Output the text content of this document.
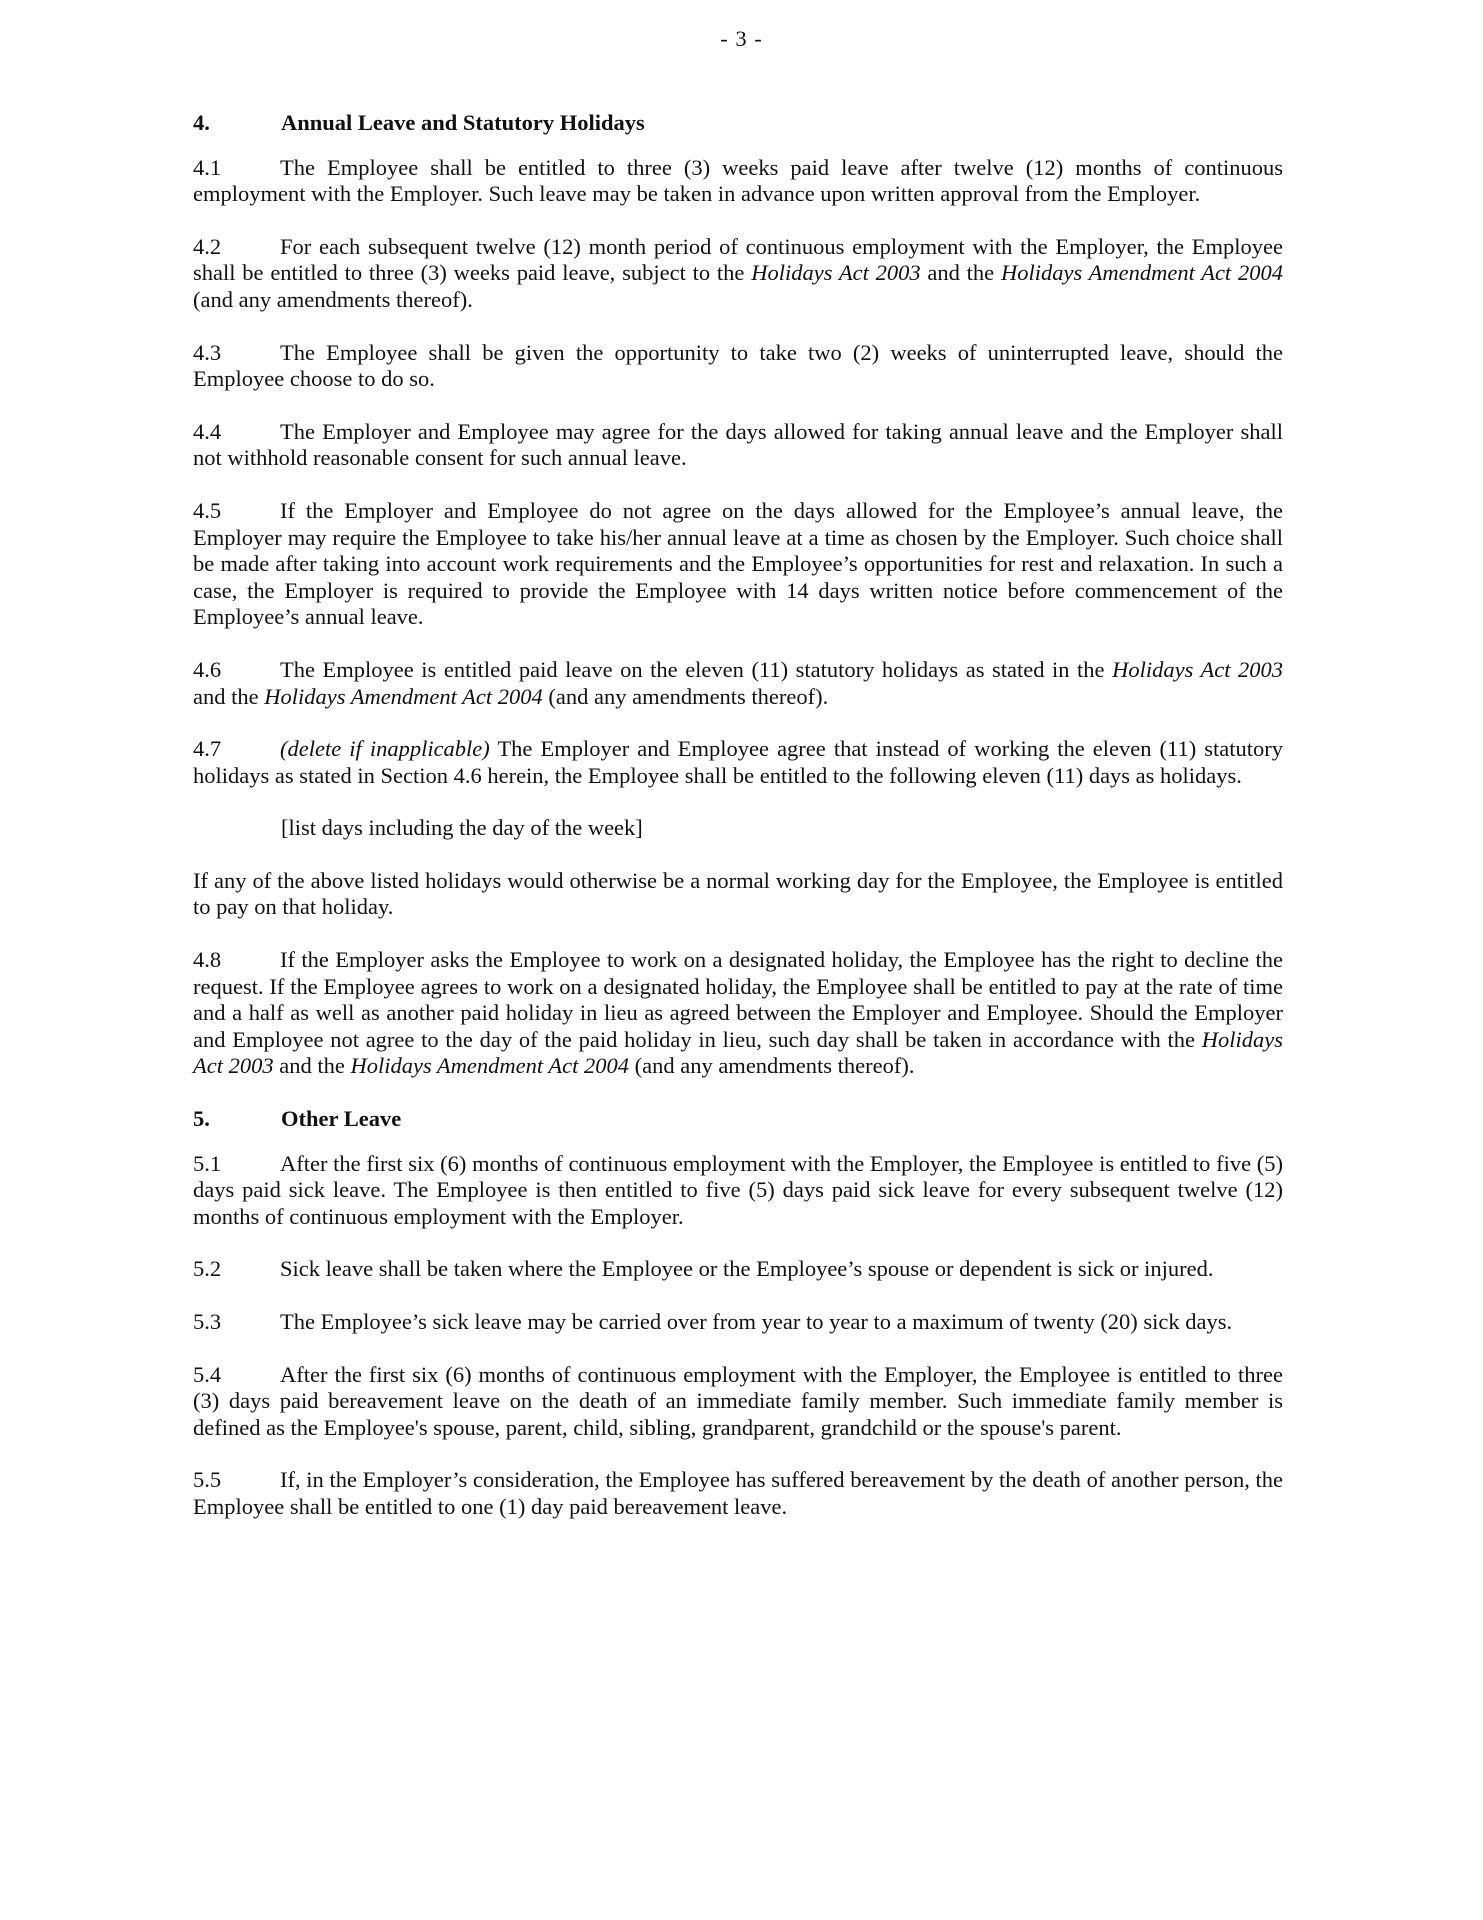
- 3 -
4.	Annual Leave and Statutory Holidays

4.1	The Employee shall be entitled to three (3) weeks paid leave after twelve (12) months of continuous employment with the Employer. Such leave may be taken in advance upon written approval from the Employer.

4.2	For each subsequent twelve (12) month period of continuous employment with the Employer, the Employee shall be entitled to three (3) weeks paid leave, subject to the Holidays Act 2003 and the Holidays Amendment Act 2004 (and any amendments thereof).

4.3	The Employee shall be given the opportunity to take two (2) weeks of uninterrupted leave, should the Employee choose to do so.

4.4	The Employer and Employee may agree for the days allowed for taking annual leave and the Employer shall not withhold reasonable consent for such annual leave.

4.5	If the Employer and Employee do not agree on the days allowed for the Employee’s annual leave, the Employer may require the Employee to take his/her annual leave at a time as chosen by the Employer. Such choice shall be made after taking into account work requirements and the Employee’s opportunities for rest and relaxation. In such a case, the Employer is required to provide the Employee with 14 days written notice before commencement of the Employee’s annual leave.

4.6	The Employee is entitled paid leave on the eleven (11) statutory holidays as stated in the Holidays Act 2003 and the Holidays Amendment Act 2004 (and any amendments thereof).

4.7	(delete if inapplicable) The Employer and Employee agree that instead of working the eleven (11) statutory holidays as stated in Section 4.6 herein, the Employee shall be entitled to the following eleven (11) days as holidays.

[list days including the day of the week]

If any of the above listed holidays would otherwise be a normal working day for the Employee, the Employee is entitled to pay on that holiday.

4.8	If the Employer asks the Employee to work on a designated holiday, the Employee has the right to decline the request. If the Employee agrees to work on a designated holiday, the Employee shall be entitled to pay at the rate of time and a half as well as another paid holiday in lieu as agreed between the Employer and Employee. Should the Employer and Employee not agree to the day of the paid holiday in lieu, such day shall be taken in accordance with the Holidays Act 2003 and the Holidays Amendment Act 2004 (and any amendments thereof).

5.	Other Leave

5.1	After the first six (6) months of continuous employment with the Employer, the Employee is entitled to five (5) days paid sick leave. The Employee is then entitled to five (5) days paid sick leave for every subsequent twelve (12) months of continuous employment with the Employer.

5.2	Sick leave shall be taken where the Employee or the Employee’s spouse or dependent is sick or injured.

5.3	The Employee’s sick leave may be carried over from year to year to a maximum of twenty (20) sick days.

5.4	After the first six (6) months of continuous employment with the Employer, the Employee is entitled to three (3) days paid bereavement leave on the death of an immediate family member. Such immediate family member is defined as the Employee's spouse, parent, child, sibling, grandparent, grandchild or the spouse's parent.

5.5	If, in the Employer’s consideration, the Employee has suffered bereavement by the death of another person, the Employee shall be entitled to one (1) day paid bereavement leave.
